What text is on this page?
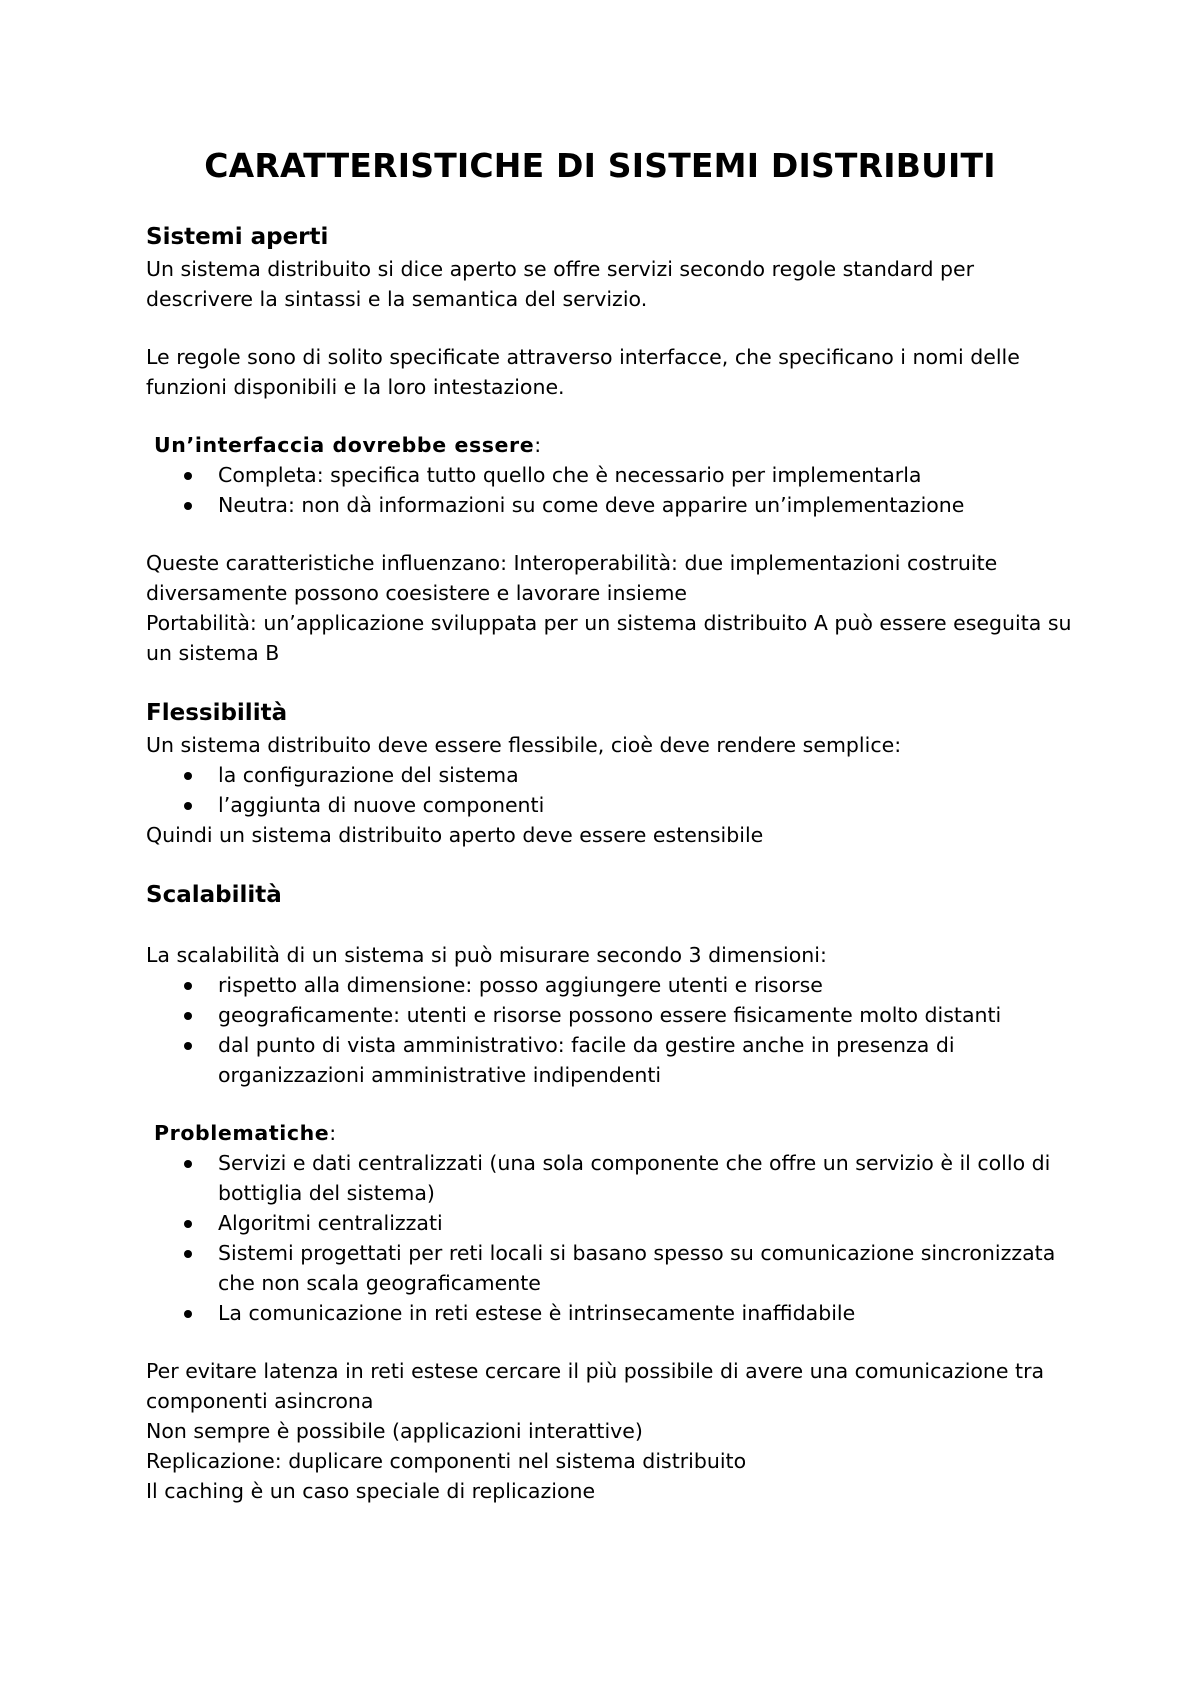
CARATTERISTICHE DI SISTEMI DISTRIBUITI
Sistemi aperti

Un sistema distribuito si dice aperto se offre servizi secondo regole standard per descrivere la sintassi e la semantica del servizio.

Le regole sono di solito specificate attraverso interfacce, che specificano i nomi delle funzioni disponibili e la loro intestazione.

Un’interfaccia dovrebbe essere:

Completa: specifica tutto quello che è necessario per implementarla
Neutra: non dà informazioni su come deve apparire un’implementazione

Queste caratteristiche influenzano: Interoperabilità: due implementazioni costruite diversamente possono coesistere e lavorare insieme

Portabilità: un’applicazione sviluppata per un sistema distribuito A può essere eseguita su un sistema B

Flessibilità

Un sistema distribuito deve essere flessibile, cioè deve rendere semplice:

la configurazione del sistema
l’aggiunta di nuove componenti

Quindi un sistema distribuito aperto deve essere estensibile

Scalabilità

La scalabilità di un sistema si può misurare secondo 3 dimensioni:

rispetto alla dimensione: posso aggiungere utenti e risorse
geograficamente: utenti e risorse possono essere fisicamente molto distanti
dal punto di vista amministrativo: facile da gestire anche in presenza di organizzazioni amministrative indipendenti

Problematiche:

Servizi e dati centralizzati (una sola componente che offre un servizio è il collo di bottiglia del sistema)
Algoritmi centralizzati
Sistemi progettati per reti locali si basano spesso su comunicazione sincronizzata che non scala geograficamente
La comunicazione in reti estese è intrinsecamente inaffidabile

Per evitare latenza in reti estese cercare il più possibile di avere una comunicazione tra componenti asincrona

Non sempre è possibile (applicazioni interattive)

Replicazione: duplicare componenti nel sistema distribuito

Il caching è un caso speciale di replicazione
